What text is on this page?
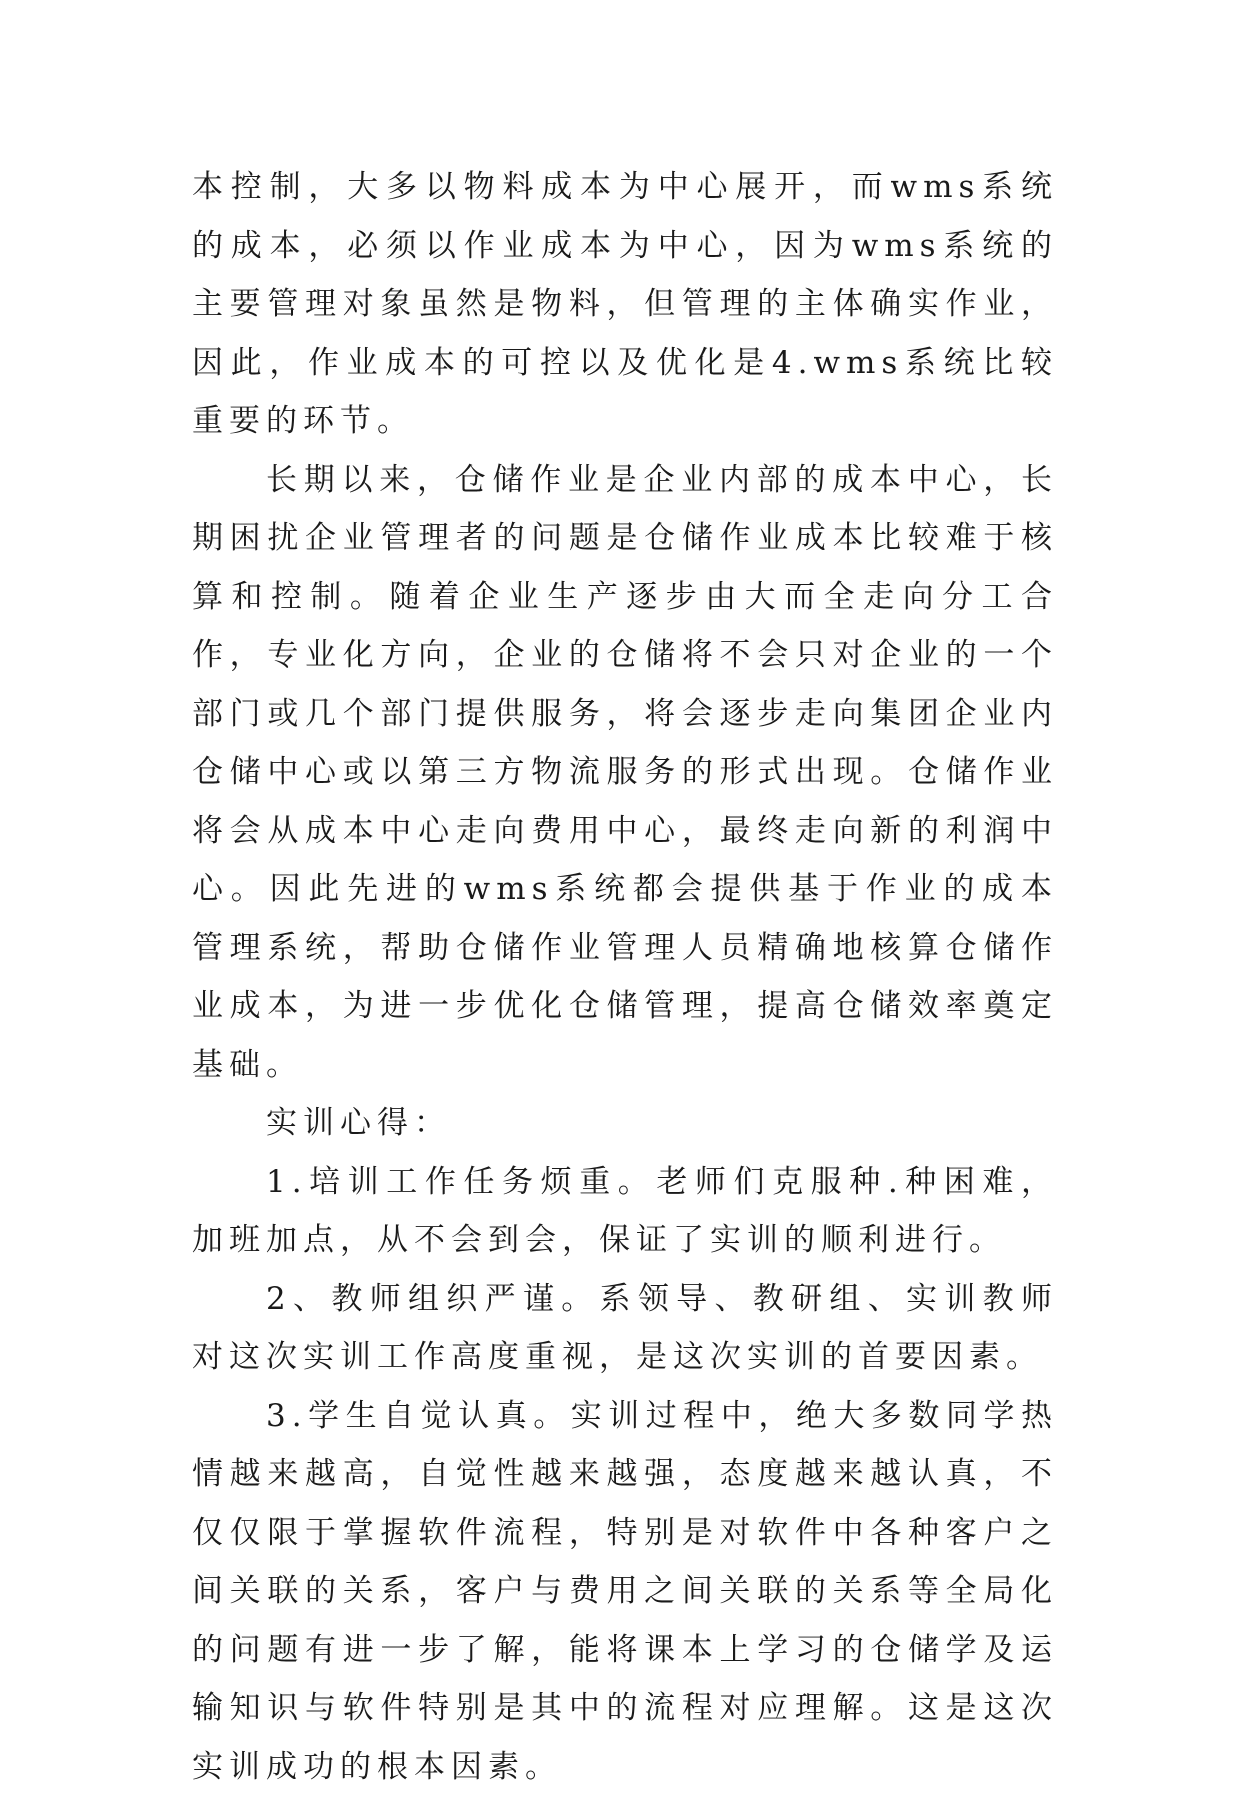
本控制，大多以物料成本为中心展开，而wms系统的成本，必须以作业成本为中心，因为wms系统的主要管理对象虽然是物料，但管理的主体确实作业，因此，作业成本的可控以及优化是4.wms系统比较重要的环节。

长期以来，仓储作业是企业内部的成本中心，长期困扰企业管理者的问题是仓储作业成本比较难于核算和控制。随着企业生产逐步由大而全走向分工合作，专业化方向，企业的仓储将不会只对企业的一个部门或几个部门提供服务，将会逐步走向集团企业内仓储中心或以第三方物流服务的形式出现。仓储作业将会从成本中心走向费用中心，最终走向新的利润中心。因此先进的wms系统都会提供基于作业的成本管理系统，帮助仓储作业管理人员精确地核算仓储作业成本，为进一步优化仓储管理，提高仓储效率奠定基础。

实训心得：

1.培训工作任务烦重。老师们克服种.种困难，加班加点，从不会到会，保证了实训的顺利进行。

2、教师组织严谨。系领导、教研组、实训教师对这次实训工作高度重视，是这次实训的首要因素。

3.学生自觉认真。实训过程中，绝大多数同学热情越来越高，自觉性越来越强，态度越来越认真，不仅仅限于掌握软件流程，特别是对软件中各种客户之间关联的关系，客户与费用之间关联的关系等全局化的问题有进一步了解，能将课本上学习的仓储学及运输知识与软件特别是其中的流程对应理解。这是这次实训成功的根本因素。
